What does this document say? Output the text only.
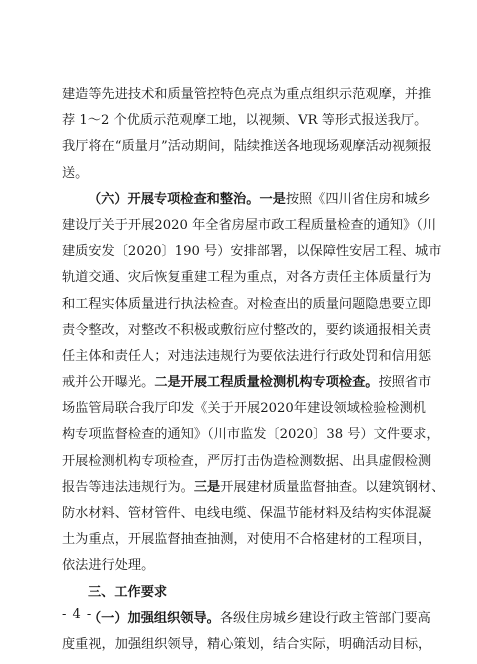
建造等先进技术和质量管控特色亮点为重点组织示范观摩，并推
荐 1～2 个优质示范观摩工地，以视频、VR 等形式报送我厅。
我厅将在“质量月”活动期间，陆续推送各地现场观摩活动视频报
送。
（六）开展专项检查和整治。一是按照《四川省住房和城乡
建设厅关于开展2020 年全省房屋市政工程质量检查的通知》（川
建质安发〔2020〕190 号）安排部署，以保障性安居工程、城市
轨道交通、灾后恢复重建工程为重点，对各方责任主体质量行为
和工程实体质量进行执法检查。对检查出的质量问题隐患要立即
责令整改，对整改不积极或敷衍应付整改的，要约谈通报相关责
任主体和责任人；对违法违规行为要依法进行行政处罚和信用惩
戒并公开曝光。二是开展工程质量检测机构专项检查。按照省市
场监管局联合我厅印发《关于开展2020年建设领域检验检测机
构专项监督检查的通知》（川市监发〔2020〕38 号）文件要求，
开展检测机构专项检查，严厉打击伪造检测数据、出具虚假检测
报告等违法违规行为。三是开展建材质量监督抽查。以建筑钢材、
防水材料、管材管件、电线电缆、保温节能材料及结构实体混凝
土为重点，开展监督抽查抽测，对使用不合格建材的工程项目，
依法进行处理。
三、工作要求
（一）加强组织领导。各级住房城乡建设行政主管部门要高
度重视，加强组织领导，精心策划，结合实际，明确活动目标，
- 4 -
